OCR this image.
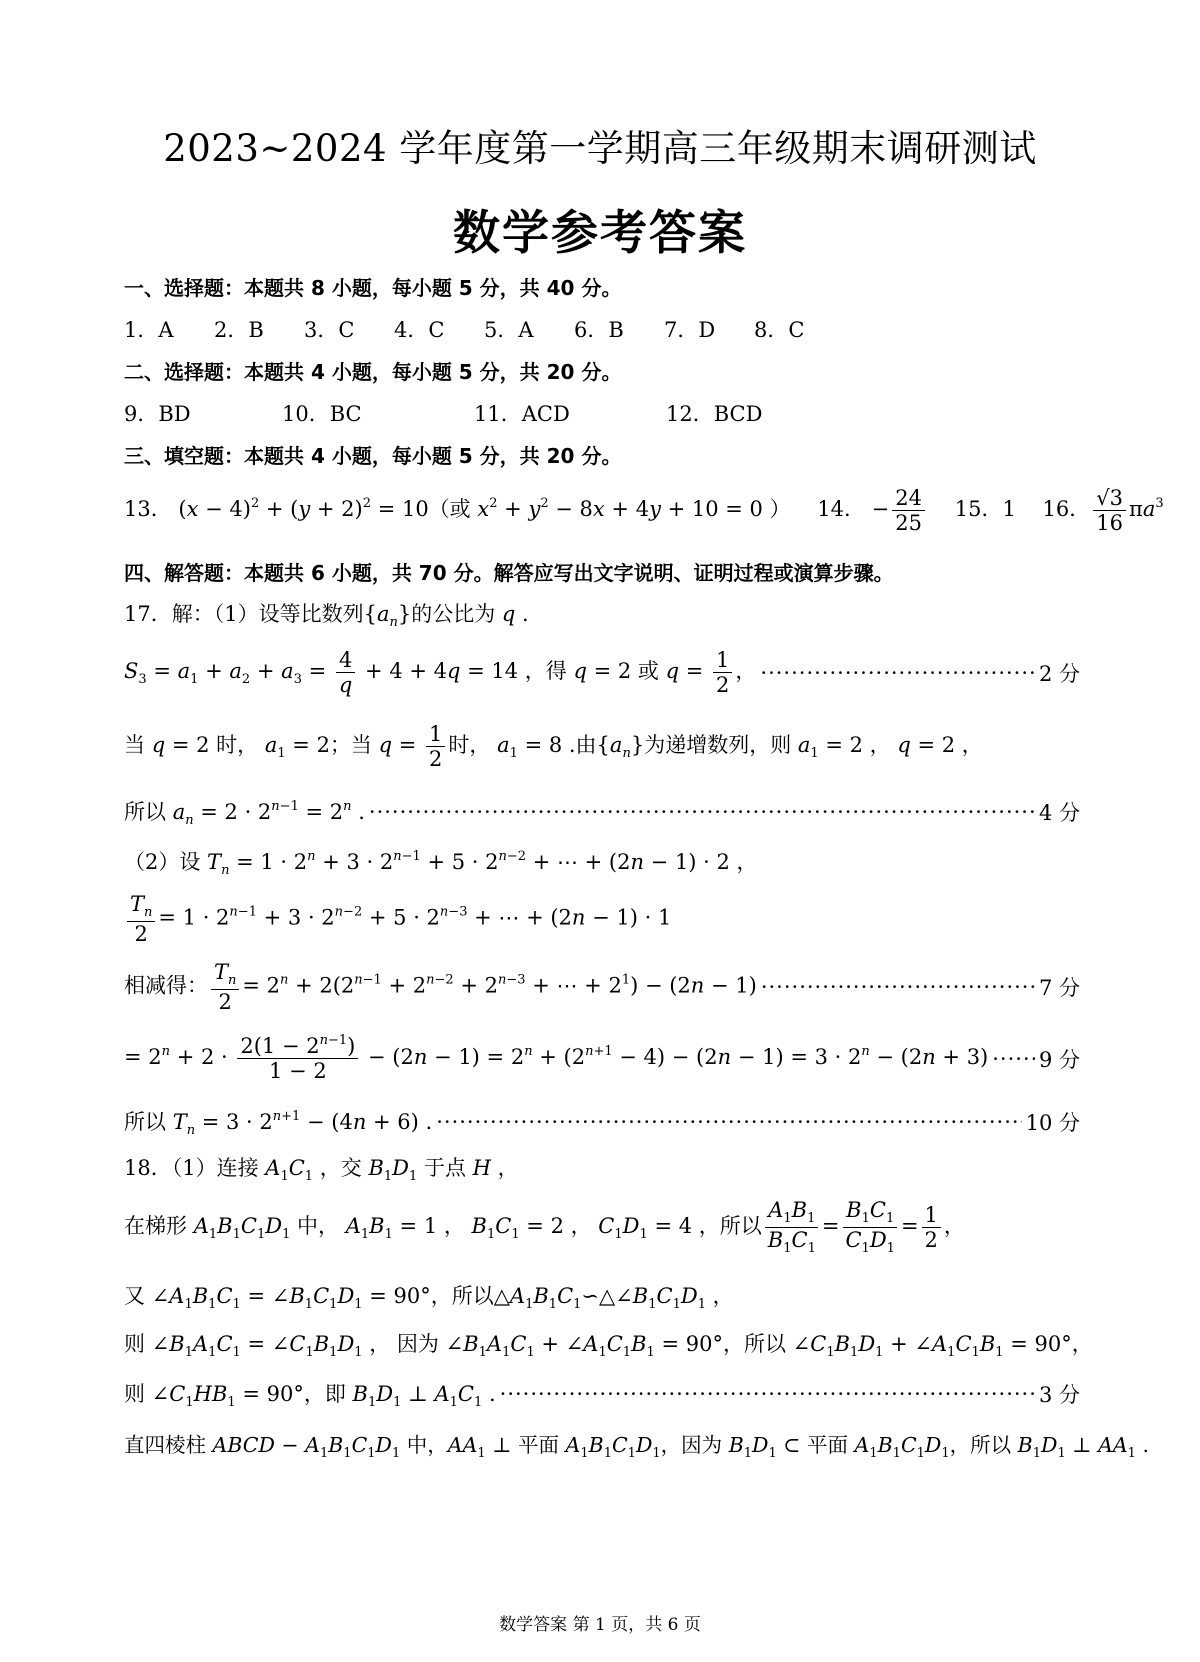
2023~2024 学年度第一学期高三年级期末调研测试
数学参考答案
一、选择题：本题共 8 小题，每小题 5 分，共 40 分。
1．A 2．B 3．C 4．C 5．A 6．B 7．D 8．C
二、选择题：本题共 4 小题，每小题 5 分，共 20 分。
9．BD	10．BC	11．ACD	12．BCD
三、填空题：本题共 4 小题，每小题 5 分，共 20 分。
13． $(x - 4)^2 + (y + 2)^2 = 10$（或 $x^2 + y^2 - 8x + 4y + 10 = 0$ ）    14． − $\frac{24}{25} 15$．1    16． $\frac{√3}{16} \pi a^3$
四、解答题：本题共 6 小题，共 70 分。解答应写出文字说明、证明过程或演算步骤。
17．解：（1）设等比数列$\{a_n\}$的公比为 q .
$S_3 = a_1 + a_2 + a_3 = \frac{4}{q} + 4 + 4q = 14$ ，得 q = 2 或 $q = \frac{1}{2}$ ， ·····	2 分
当 q = 2 时， $a_1 = 2$；当 $q = \frac{1}{2}$ 时， $a_1 = 8$ .由$\{a_n\}$为递增数列，则 $a_1 = 2$ ， q = 2 ，
所以 $a_n = 2 \cdot 2^{n-1} = 2^n$ . ·····	4 分
（2）设 $T_n = 1 \cdot 2^n + 3 \cdot 2^{n-1} + 5 \cdot 2^{n-2}$ + ⋯ + (2n − 1) · 2 ，
$\frac{T_n}{2} = 1 \cdot 2^{n-1} + 3 \cdot 2^{n-2} + 5 \cdot 2^{n-3}$ + ⋯ + (2n − 1) · 1
相减得： $\frac{T_n}{2} = 2^n + 2(2^{n-1} + 2^{n-2} + 2^{n-3}$ + ⋯ + $2^1) - (2n - 1)$ ·····	7 分
= $2^n + 2 \cdot \frac{2(1 - 2^{n-1})}{1 - 2} - (2n - 1) = 2^n + (2^{n+1} - 4) - (2n - 1) = 3 \cdot 2^n - (2n + 3)$ ····· 9 分
所以 $T_n = 3 \cdot 2^{n+1} - (4n + 6)$ . ·····	10 分
18．（1）连接 $A_1C_1$ ，交 $B_1D_1$ 于点 H ，
在梯形 $A_1B_1C_1D_1$ 中， $A_1B_1 = 1$ ， $B_1C_1 = 2$ ， $C_1D_1 = 4$ ，所以 $\frac{A_1B_1}{B_1C_1} = \frac{B_1C_1}{C_1D_1} = \frac{1}{2}$ ，
又 $\angle A_1B_1C_1$ = $\angle B_1C_1D_1 = 90^\circ$，所以$\triangle A_1B_1C_1∽\triangle\angle B_1C_1D_1$ ，
则 $\angle B_1A_1C_1$ = $\angle C_1B_1D_1$ ， 因为 $\angle B_1A_1C_1$ + $\angle A_1C_1B_1 = 90^\circ$，所以 $\angle C_1B_1D_1$ + $\angle A_1C_1B_1 = 90^\circ$，
则 $\angle C_1HB_1 = 90^\circ$，即 $B_1D_1$ ⊥ $A_1C_1$ . ·····	3 分
直四棱柱 ABCD − $A_1B_1C_1D_1$ 中，$AA_1$ ⊥ 平面 $A_1B_1C_1D_1$，因为 $B_1D_1$ ⊂ 平面 $A_1B_1C_1D_1$，所以 $B_1D_1$ ⊥ $AA_1$ .
数学答案 第 1 页，共 6 页
